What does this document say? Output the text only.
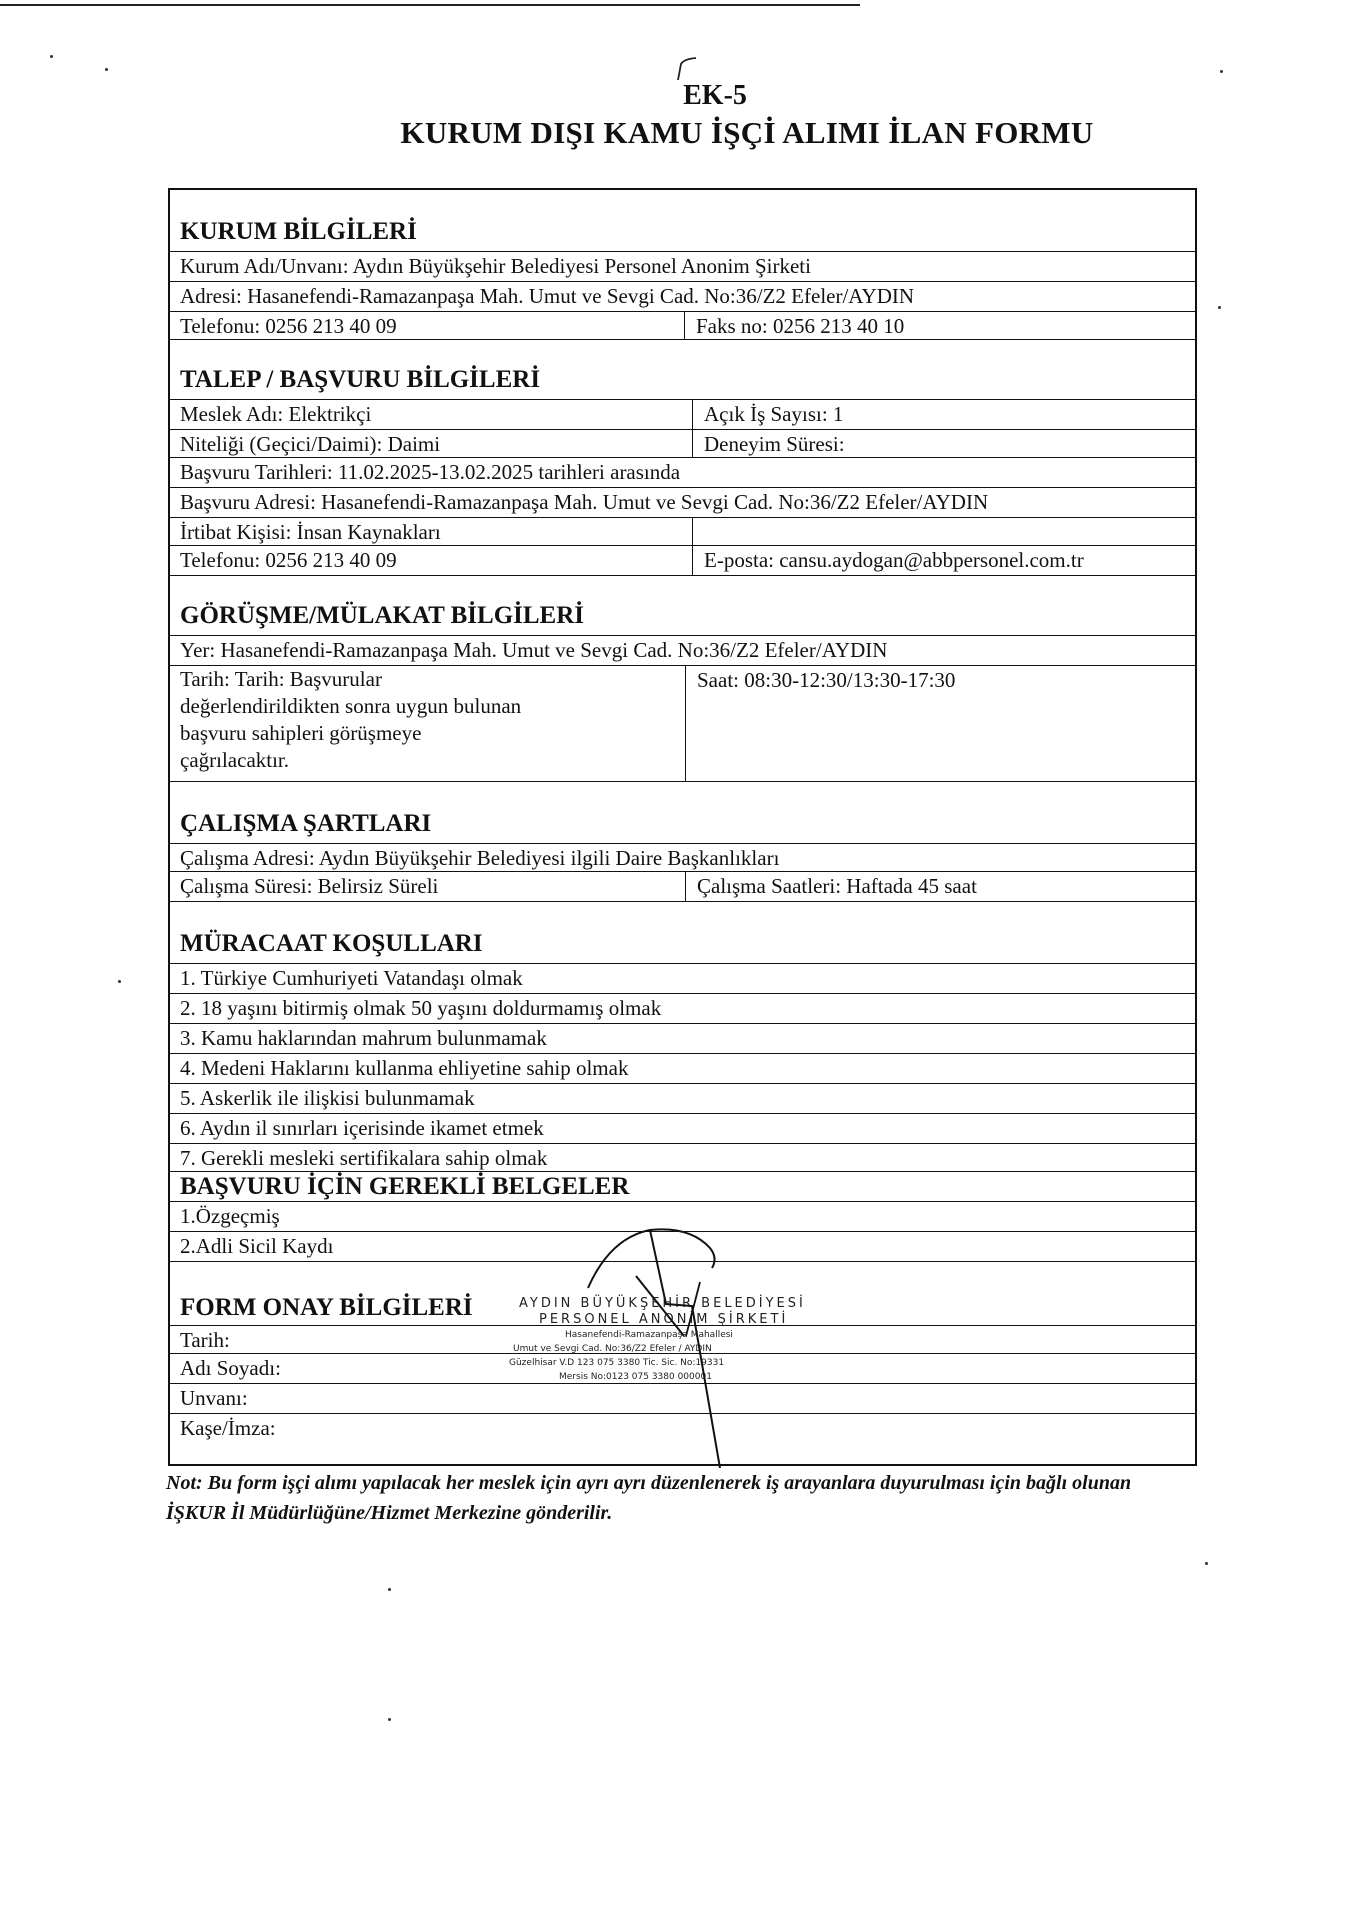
EK-5
KURUM DIŞI KAMU İŞÇİ ALIMI İLAN FORMU
KURUM BİLGİLERİ
Kurum Adı/Unvanı: Aydın Büyükşehir Belediyesi Personel Anonim Şirketi
Adresi: Hasanefendi-Ramazanpaşa Mah. Umut ve Sevgi Cad. No:36/Z2 Efeler/AYDIN
Telefonu: 0256 213 40 09	Faks no: 0256 213 40 10
TALEP / BAŞVURU BİLGİLERİ
Meslek Adı: Elektrikçi	Açık İş Sayısı: 1
Niteliği (Geçici/Daimi): Daimi	Deneyim Süresi:
Başvuru Tarihleri: 11.02.2025-13.02.2025 tarihleri arasında
Başvuru Adresi: Hasanefendi-Ramazanpaşa Mah. Umut ve Sevgi Cad. No:36/Z2 Efeler/AYDIN
İrtibat Kişisi: İnsan Kaynakları
Telefonu: 0256 213 40 09	E-posta: cansu.aydogan@abbpersonel.com.tr
GÖRÜŞME/MÜLAKAT BİLGİLERİ
Yer: Hasanefendi-Ramazanpaşa Mah. Umut ve Sevgi Cad. No:36/Z2 Efeler/AYDIN
Tarih: Tarih: Başvurular
değerlendirildikten sonra uygun bulunan
başvuru sahipleri görüşmeye
çağrılacaktır.
Saat: 08:30-12:30/13:30-17:30
ÇALIŞMA ŞARTLARI
Çalışma Adresi: Aydın Büyükşehir Belediyesi ilgili Daire Başkanlıkları
Çalışma Süresi: Belirsiz Süreli	Çalışma Saatleri: Haftada 45 saat
MÜRACAAT KOŞULLARI
1. Türkiye Cumhuriyeti Vatandaşı olmak
2. 18 yaşını bitirmiş olmak 50 yaşını doldurmamış olmak
3. Kamu haklarından mahrum bulunmamak
4. Medeni Haklarını kullanma ehliyetine sahip olmak
5. Askerlik ile ilişkisi bulunmamak
6. Aydın il sınırları içerisinde ikamet etmek
7. Gerekli mesleki sertifikalara sahip olmak
BAŞVURU İÇİN GEREKLİ BELGELER
1.Özgeçmiş
2.Adli Sicil Kaydı
FORM ONAY BİLGİLERİ
Tarih:
Adı Soyadı:
Unvanı:
Kaşe/İmza:
AYDIN BÜYÜKŞEHİR BELEDİYESİ
PERSONEL ANONİM ŞİRKETİ
Hasanefendi-Ramazanpaşa Mahallesi
Umut ve Sevgi Cad. No:36/Z2 Efeler / AYDIN
Güzelhisar V.D 123 075 3380 Tic. Sic. No:19331
Mersis No:0123 075 3380 000001
Not: Bu form işçi alımı yapılacak her meslek için ayrı ayrı düzenlenerek iş arayanlara duyurulması için bağlı olunan İŞKUR İl Müdürlüğüne/Hizmet Merkezine gönderilir.
